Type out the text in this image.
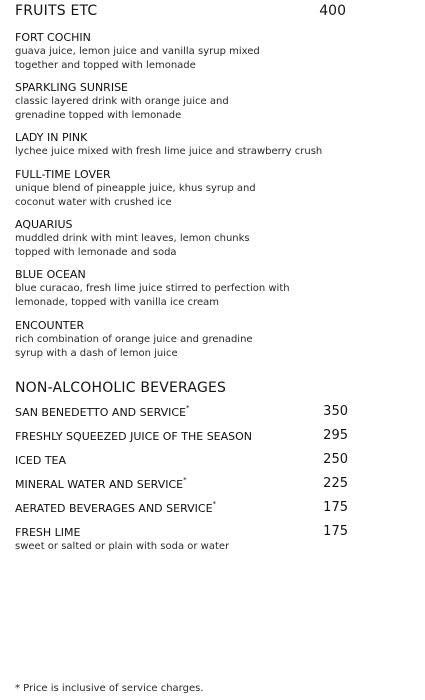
FRUITS ETC	400
FORT COCHIN
guava juice, lemon juice and vanilla syrup mixed
together and topped with lemonade
SPARKLING SUNRISE
classic layered drink with orange juice and
grenadine topped with lemonade
LADY IN PINK
lychee juice mixed with fresh lime juice and strawberry crush
FULL-TIME LOVER
unique blend of pineapple juice, khus syrup and
coconut water with crushed ice
AQUARIUS
muddled drink with mint leaves, lemon chunks
topped with lemonade and soda
BLUE OCEAN
blue curacao, fresh lime juice stirred to perfection with
lemonade, topped with vanilla ice cream
ENCOUNTER
rich combination of orange juice and grenadine
syrup with a dash of lemon juice
NON-ALCOHOLIC BEVERAGES
SAN BENEDETTO AND SERVICE*	350
FRESHLY SQUEEZED JUICE OF THE SEASON	295
ICED TEA	250
MINERAL WATER AND SERVICE*	225
AERATED BEVERAGES AND SERVICE*	175
FRESH LIME	175
sweet or salted or plain with soda or water
* Price is inclusive of service charges.
